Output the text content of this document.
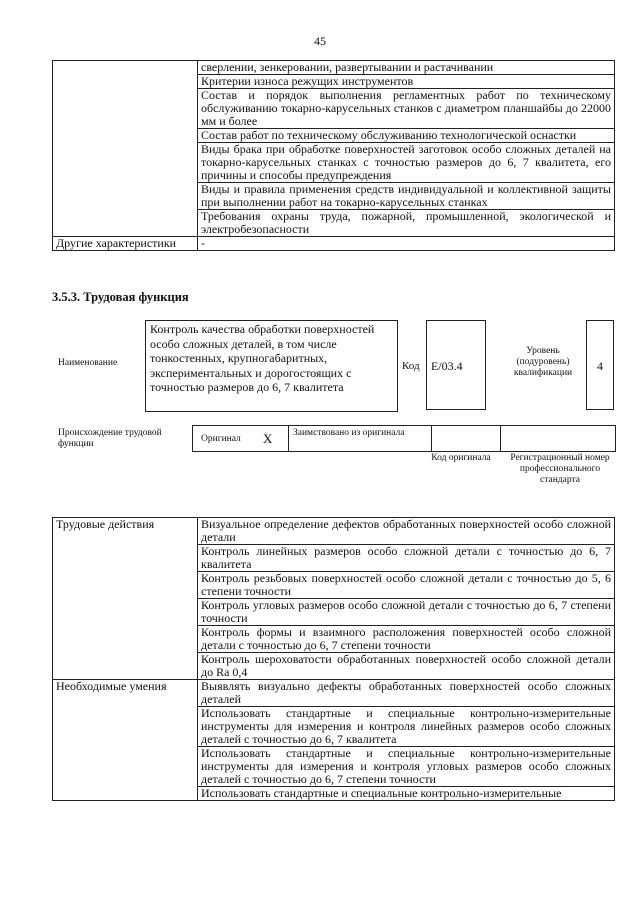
45
	сверлении, зенкеровании, развертывании и растачивании
	Критерии износа режущих инструментов
	Состав и порядок выполнения регламентных работ по техническому обслуживанию токарно-карусельных станков с диаметром планшайбы до 22000 мм и более
	Состав работ по техническому обслуживанию технологической оснастки
	Виды брака при обработке поверхностей заготовок особо сложных деталей на токарно-карусельных станках с точностью размеров до 6, 7 квалитета, его причины и способы предупреждения
	Виды и правила применения средств индивидуальной и коллективной защиты при выполнении работ на токарно-карусельных станках
	Требования охраны труда, пожарной, промышленной, экологической и электробезопасности
Другие характеристики	-
3.5.3. Трудовая функция
Наименование
Контроль качества обработки поверхностей особо сложных деталей, в том числе тонкостенных, крупногабаритных, экспериментальных и дорогостоящих с точностью размеров до 6, 7 квалитета
Код E/03.4
Уровень (подуровень) квалификации	4
Происхождение трудовой функции	Оригинал X Заимствовано из оригинала
Код оригинала	Регистрационный номер профессионального стандарта
Трудовые действия	Визуальное определение дефектов обработанных поверхностей особо сложной детали
	Контроль линейных размеров особо сложной детали с точностью до 6, 7 квалитета
	Контроль резьбовых поверхностей особо сложной детали с точностью до 5, 6 степени точности
	Контроль угловых размеров особо сложной детали с точностью до 6, 7 степени точности
	Контроль формы и взаимного расположения поверхностей особо сложной детали с точностью до 6, 7 степени точности
	Контроль шероховатости обработанных поверхностей особо сложной детали до Ra 0,4
Необходимые умения	Выявлять визуально дефекты обработанных поверхностей особо сложных деталей
	Использовать стандартные и специальные контрольно-измерительные инструменты для измерения и контроля линейных размеров особо сложных деталей с точностью до 6, 7 квалитета
	Использовать стандартные и специальные контрольно-измерительные инструменты для измерения и контроля угловых размеров особо сложных деталей с точностью до 6, 7 степени точности
	Использовать стандартные и специальные контрольно-измерительные
